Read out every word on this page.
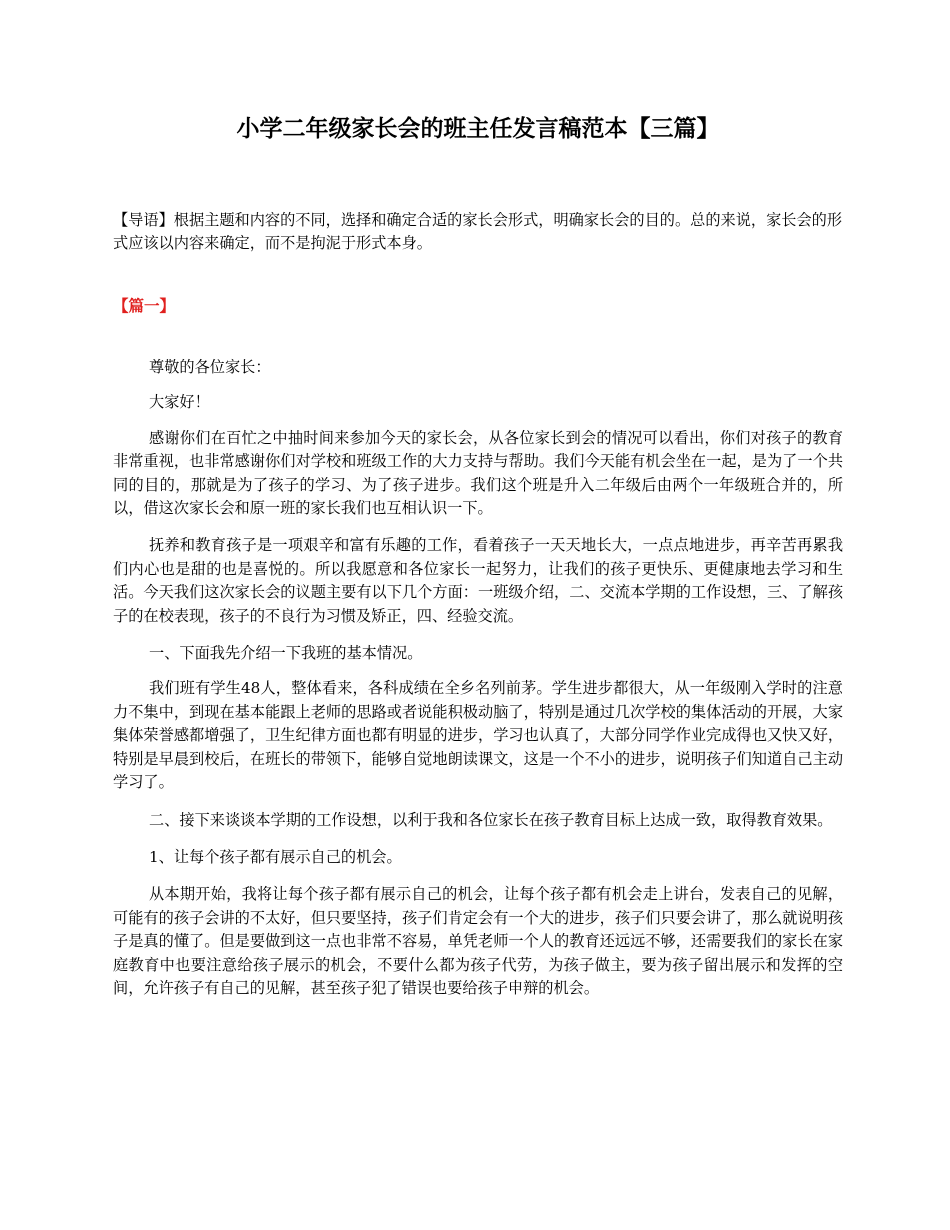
小学二年级家长会的班主任发言稿范本【三篇】

【导语】根据主题和内容的不同，选择和确定合适的家长会形式，明确家长会的目的。总的来说，家长会的形式应该以内容来确定，而不是拘泥于形式本身。

【篇一】

尊敬的各位家长：

大家好！

感谢你们在百忙之中抽时间来参加今天的家长会，从各位家长到会的情况可以看出，你们对孩子的教育非常重视，也非常感谢你们对学校和班级工作的大力支持与帮助。我们今天能有机会坐在一起，是为了一个共同的目的，那就是为了孩子的学习、为了孩子进步。我们这个班是升入二年级后由两个一年级班合并的，所以，借这次家长会和原一班的家长我们也互相认识一下。

抚养和教育孩子是一项艰辛和富有乐趣的工作，看着孩子一天天地长大，一点点地进步，再辛苦再累我们内心也是甜的也是喜悦的。所以我愿意和各位家长一起努力，让我们的孩子更快乐、更健康地去学习和生活。今天我们这次家长会的议题主要有以下几个方面：一班级介绍，二、交流本学期的工作设想，三、了解孩子的在校表现，孩子的不良行为习惯及矫正，四、经验交流。

一、下面我先介绍一下我班的基本情况。

我们班有学生48人，整体看来，各科成绩在全乡名列前茅。学生进步都很大，从一年级刚入学时的注意力不集中，到现在基本能跟上老师的思路或者说能积极动脑了，特别是通过几次学校的集体活动的开展，大家集体荣誉感都增强了，卫生纪律方面也都有明显的进步，学习也认真了，大部分同学作业完成得也又快又好，特别是早晨到校后，在班长的带领下，能够自觉地朗读课文，这是一个不小的进步，说明孩子们知道自己主动学习了。

二、接下来谈谈本学期的工作设想，以利于我和各位家长在孩子教育目标上达成一致，取得教育效果。

1、让每个孩子都有展示自己的机会。

从本期开始，我将让每个孩子都有展示自己的机会，让每个孩子都有机会走上讲台，发表自己的见解，可能有的孩子会讲的不太好，但只要坚持，孩子们肯定会有一个大的进步，孩子们只要会讲了，那么就说明孩子是真的懂了。但是要做到这一点也非常不容易，单凭老师一个人的教育还远远不够，还需要我们的家长在家庭教育中也要注意给孩子展示的机会，不要什么都为孩子代劳，为孩子做主，要为孩子留出展示和发挥的空间，允许孩子有自己的见解，甚至孩子犯了错误也要给孩子申辩的机会。
